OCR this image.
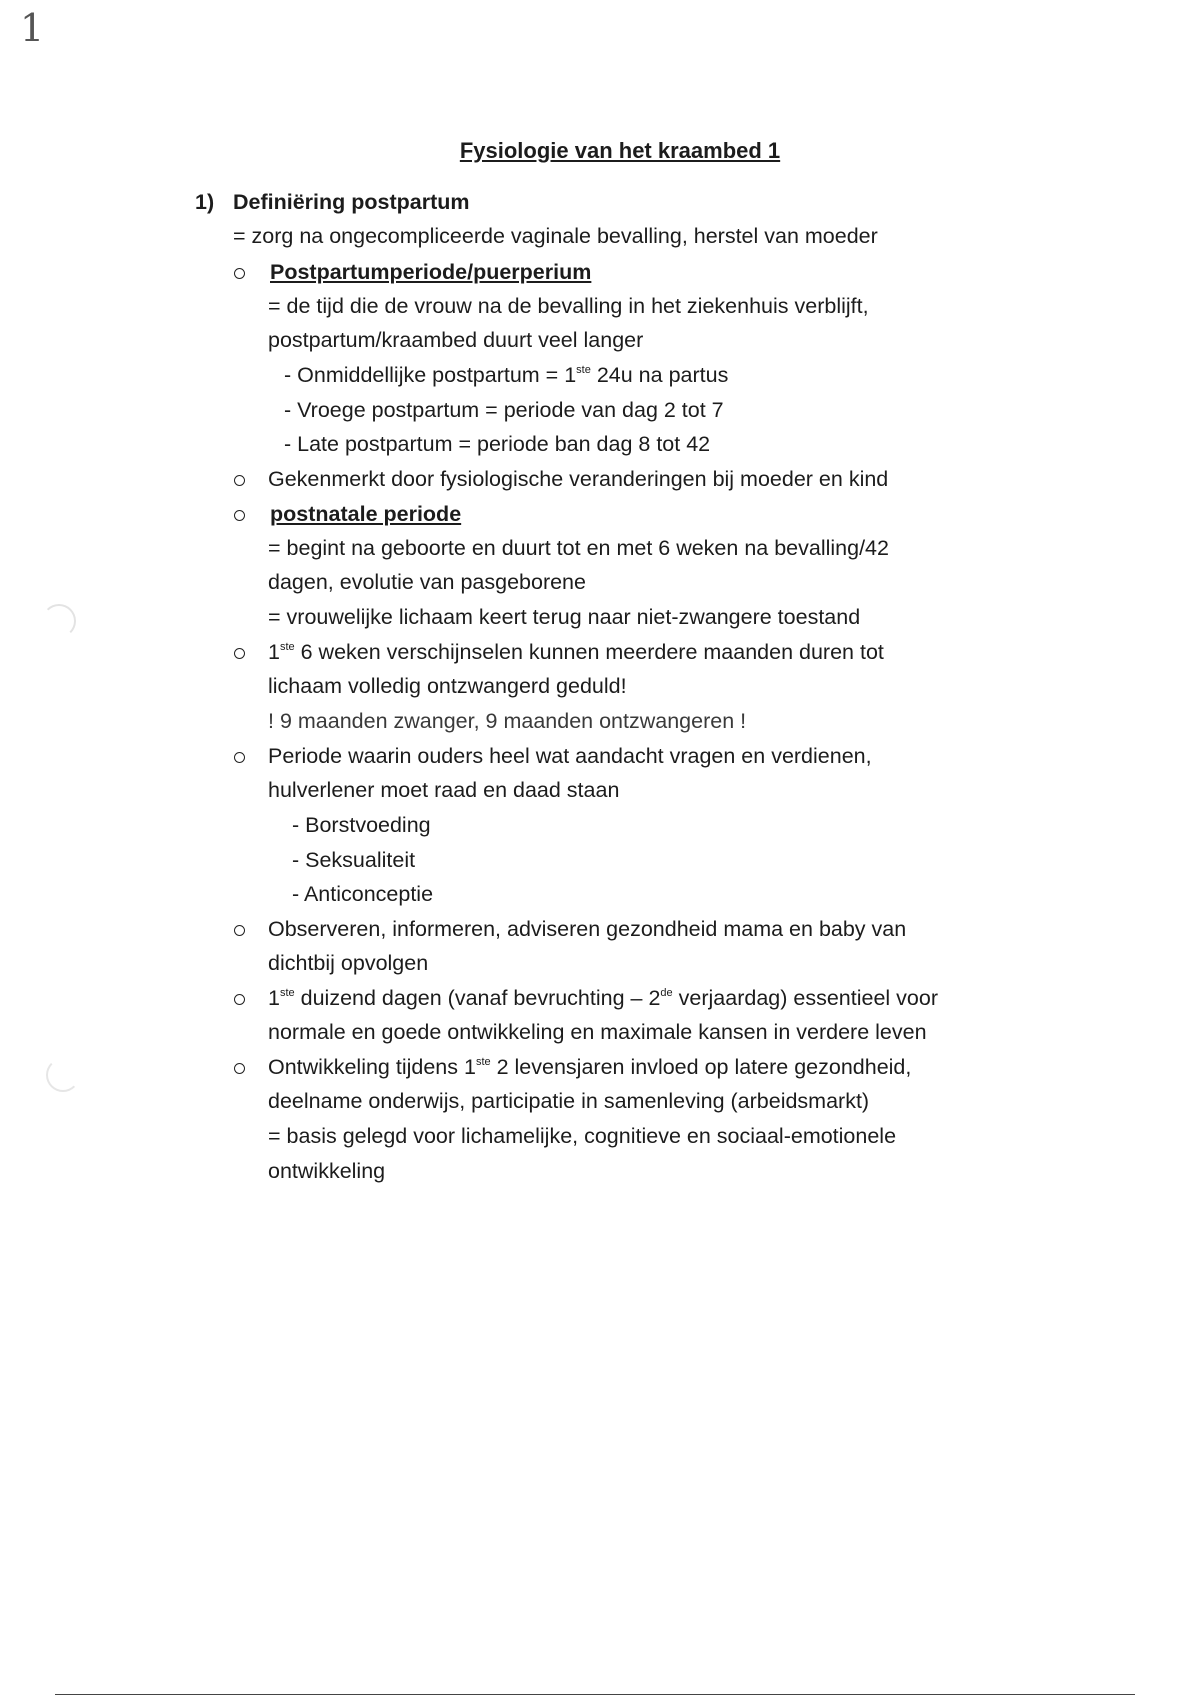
1
Fysiologie van het kraambed 1
1) Definiëring postpartum
= zorg na ongecompliceerde vaginale bevalling, herstel van moeder
Postpartumperiode/puerperium
= de tijd die de vrouw na de bevalling in het ziekenhuis verblijft,
postpartum/kraambed duurt veel langer
- Onmiddellijke postpartum = 1ste 24u na partus
- Vroege postpartum = periode van dag 2 tot 7
- Late postpartum = periode ban dag 8 tot 42
Gekenmerkt door fysiologische veranderingen bij moeder en kind
postnatale periode
= begint na geboorte en duurt tot en met 6 weken na bevalling/42
dagen, evolutie van pasgeborene
= vrouwelijke lichaam keert terug naar niet-zwangere toestand
1ste 6 weken verschijnselen kunnen meerdere maanden duren tot
lichaam volledig ontzwangerd geduld!
! 9 maanden zwanger, 9 maanden ontzwangeren !
Periode waarin ouders heel wat aandacht vragen en verdienen,
hulverlener moet raad en daad staan
- Borstvoeding
- Seksualiteit
- Anticonceptie
Observeren, informeren, adviseren gezondheid mama en baby van
dichtbij opvolgen
1ste duizend dagen (vanaf bevruchting – 2de verjaardag) essentieel voor
normale en goede ontwikkeling en maximale kansen in verdere leven
Ontwikkeling tijdens 1ste 2 levensjaren invloed op latere gezondheid,
deelname onderwijs, participatie in samenleving (arbeidsmarkt)
= basis gelegd voor lichamelijke, cognitieve en sociaal-emotionele
ontwikkeling
